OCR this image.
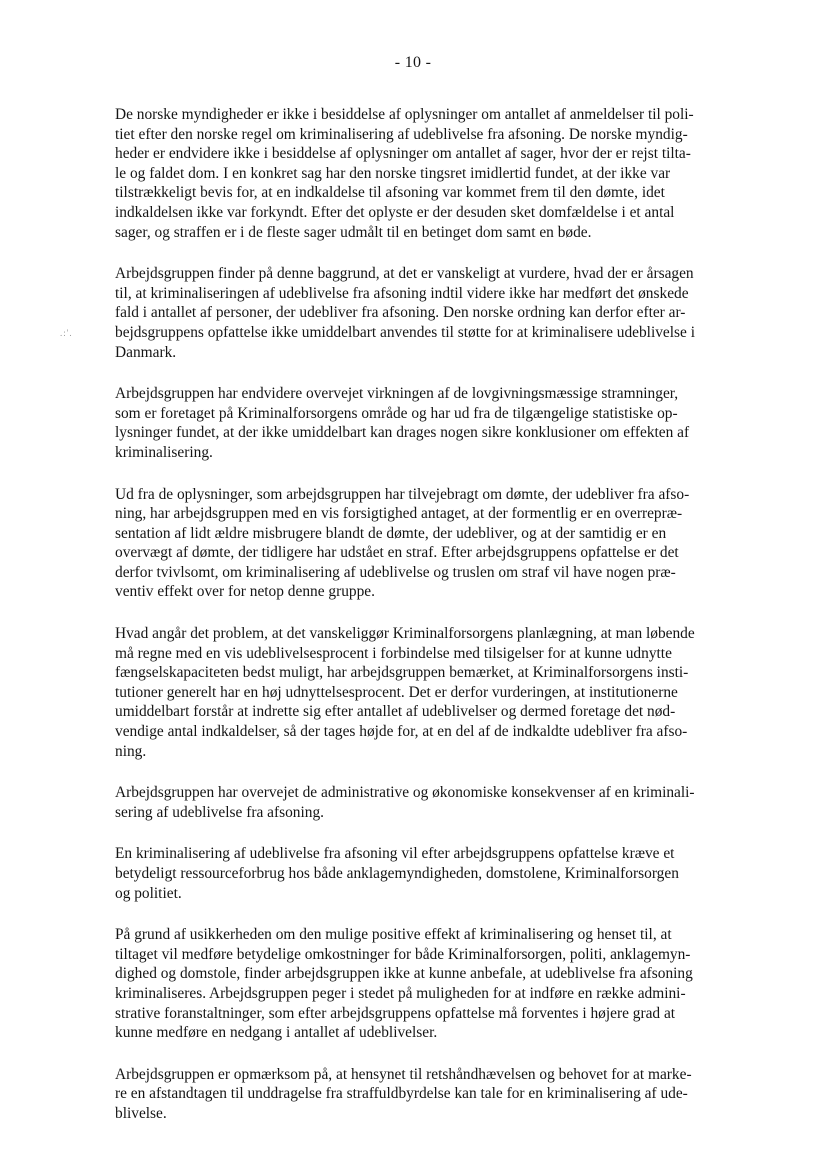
- 10 -
.:'.

De norske myndigheder er ikke i besiddelse af oplysninger om antallet af anmeldelser til poli-
tiet efter den norske regel om kriminalisering af udeblivelse fra afsoning. De norske myndig-
heder er endvidere ikke i besiddelse af oplysninger om antallet af sager, hvor der er rejst tilta-
le og faldet dom. I en konkret sag har den norske tingsret imidlertid fundet, at der ikke var
tilstrækkeligt bevis for, at en indkaldelse til afsoning var kommet frem til den dømte, idet
indkaldelsen ikke var forkyndt. Efter det oplyste er der desuden sket domfældelse i et antal
sager, og straffen er i de fleste sager udmålt til en betinget dom samt en bøde.

Arbejdsgruppen finder på denne baggrund, at det er vanskeligt at vurdere, hvad der er årsagen
til, at kriminaliseringen af udeblivelse fra afsoning indtil videre ikke har medført det ønskede
fald i antallet af personer, der udebliver fra afsoning. Den norske ordning kan derfor efter ar-
bejdsgruppens opfattelse ikke umiddelbart anvendes til støtte for at kriminalisere udeblivelse i
Danmark.

Arbejdsgruppen har endvidere overvejet virkningen af de lovgivningsmæssige stramninger,
som er foretaget på Kriminalforsorgens område og har ud fra de tilgængelige statistiske op-
lysninger fundet, at der ikke umiddelbart kan drages nogen sikre konklusioner om effekten af
kriminalisering.

Ud fra de oplysninger, som arbejdsgruppen har tilvejebragt om dømte, der udebliver fra afso-
ning, har arbejdsgruppen med en vis forsigtighed antaget, at der formentlig er en overrepræ-
sentation af lidt ældre misbrugere blandt de dømte, der udebliver, og at der samtidig er en
overvægt af dømte, der tidligere har udstået en straf. Efter arbejdsgruppens opfattelse er det
derfor tvivlsomt, om kriminalisering af udeblivelse og truslen om straf vil have nogen præ-
ventiv effekt over for netop denne gruppe.

Hvad angår det problem, at det vanskeliggør Kriminalforsorgens planlægning, at man løbende
må regne med en vis udeblivelsesprocent i forbindelse med tilsigelser for at kunne udnytte
fængselskapaciteten bedst muligt, har arbejdsgruppen bemærket, at Kriminalforsorgens insti-
tutioner generelt har en høj udnyttelsesprocent. Det er derfor vurderingen, at institutionerne
umiddelbart forstår at indrette sig efter antallet af udeblivelser og dermed foretage det nød-
vendige antal indkaldelser, så der tages højde for, at en del af de indkaldte udebliver fra afso-
ning.

Arbejdsgruppen har overvejet de administrative og økonomiske konsekvenser af en kriminali-
sering af udeblivelse fra afsoning.

En kriminalisering af udeblivelse fra afsoning vil efter arbejdsgruppens opfattelse kræve et
betydeligt ressourceforbrug hos både anklagemyndigheden, domstolene, Kriminalforsorgen
og politiet.

På grund af usikkerheden om den mulige positive effekt af kriminalisering og henset til, at
tiltaget vil medføre betydelige omkostninger for både Kriminalforsorgen, politi, anklagemyn-
dighed og domstole, finder arbejdsgruppen ikke at kunne anbefale, at udeblivelse fra afsoning
kriminaliseres. Arbejdsgruppen peger i stedet på muligheden for at indføre en række admini-
strative foranstaltninger, som efter arbejdsgruppens opfattelse må forventes i højere grad at
kunne medføre en nedgang i antallet af udeblivelser.

Arbejdsgruppen er opmærksom på, at hensynet til retshåndhævelsen og behovet for at marke-
re en afstandtagen til unddragelse fra straffuldbyrdelse kan tale for en kriminalisering af ude-
blivelse.
